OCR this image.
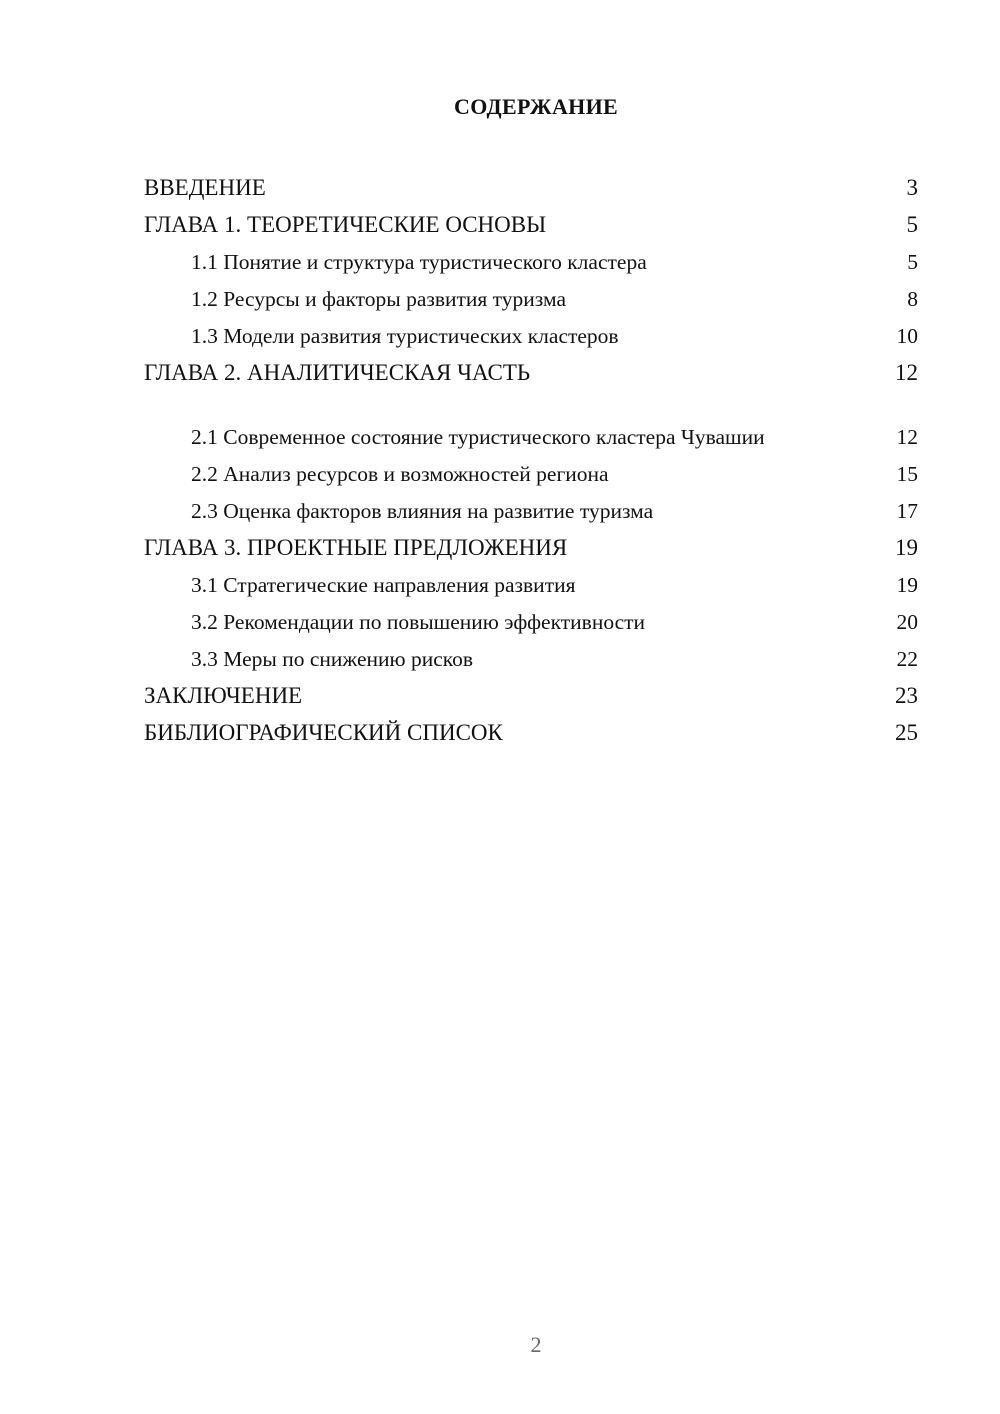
СОДЕРЖАНИЕ
ВВЕДЕНИЕ	3
ГЛАВА 1. ТЕОРЕТИЧЕСКИЕ ОСНОВЫ	5
1.1 Понятие и структура туристического кластера	5
1.2 Ресурсы и факторы развития туризма	8
1.3 Модели развития туристических кластеров	10
ГЛАВА 2. АНАЛИТИЧЕСКАЯ ЧАСТЬ	12
2.1 Современное состояние туристического кластера Чувашии	12
2.2 Анализ ресурсов и возможностей региона	15
2.3 Оценка факторов влияния на развитие туризма	17
ГЛАВА 3. ПРОЕКТНЫЕ ПРЕДЛОЖЕНИЯ	19
3.1 Стратегические направления развития	19
3.2 Рекомендации по повышению эффективности	20
3.3 Меры по снижению рисков	22
ЗАКЛЮЧЕНИЕ	23
БИБЛИОГРАФИЧЕСКИЙ СПИСОК	25
2
